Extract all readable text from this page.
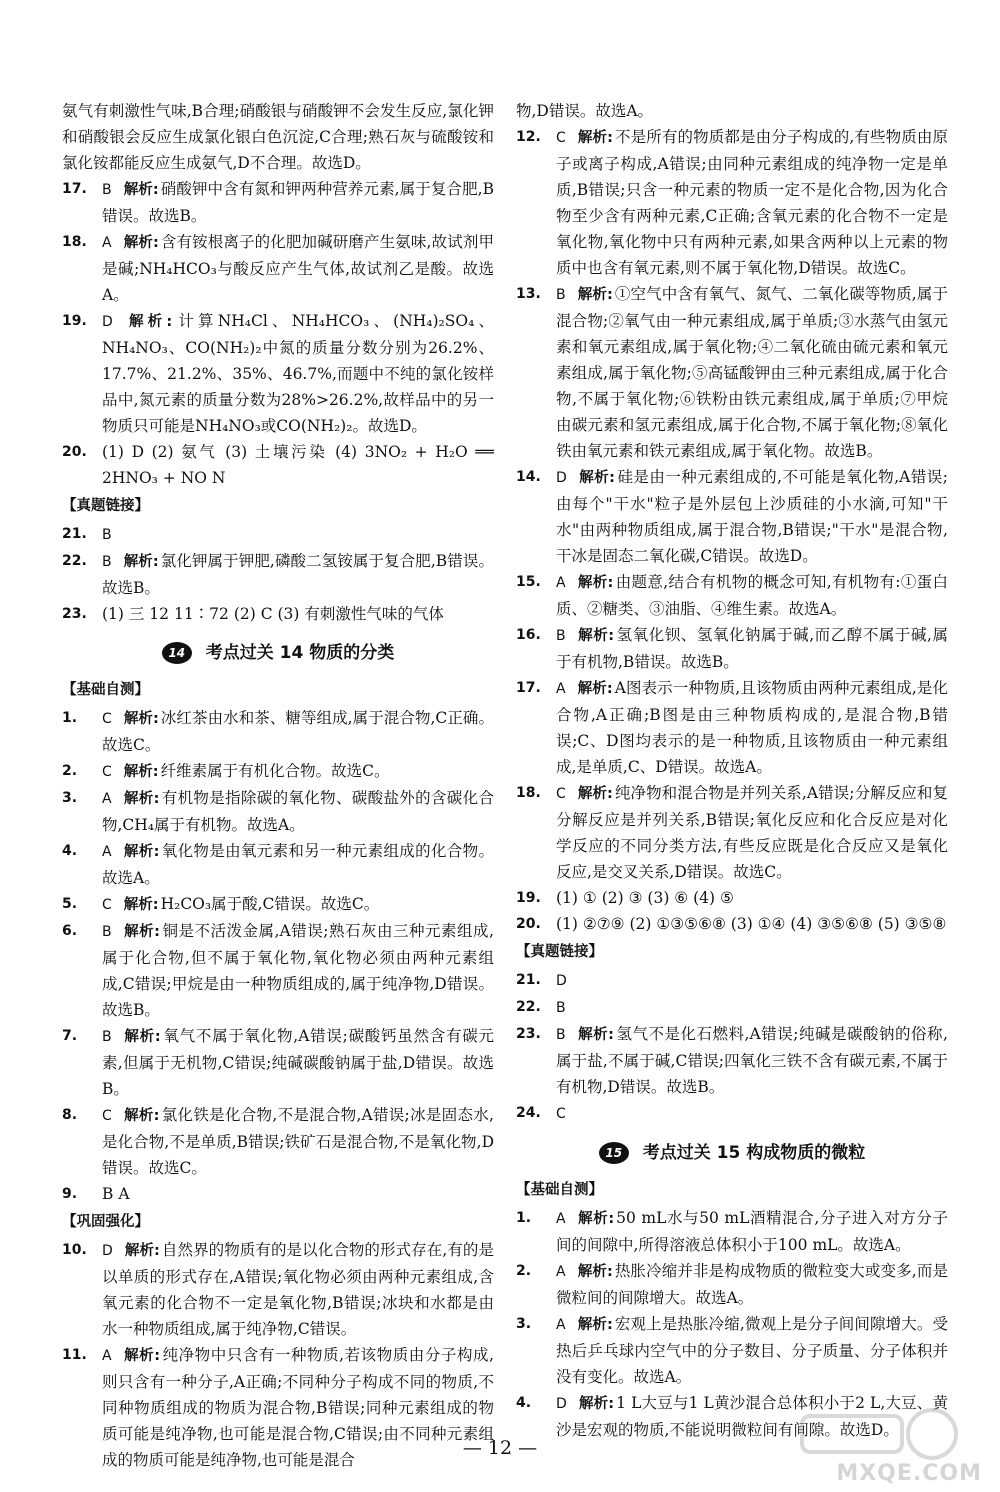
氨气有刺激性气味,B合理;硝酸银与硝酸钾不会发生反应,氯化钾和硝酸银会反应生成氯化银白色沉淀,C合理;熟石灰与硫酸铵和氯化铵都能反应生成氨气,D不合理。故选D。
17. B 解析: 硝酸钾中含有氮和钾两种营养元素,属于复合肥,B错误。故选B。
18. A 解析: 含有铵根离子的化肥加碱研磨产生氨味,故试剂甲是碱;NH₄HCO₃与酸反应产生气体,故试剂乙是酸。故选A。
19. D 解析: 计算NH₄Cl、NH₄HCO₃、(NH₄)₂SO₄、NH₄NO₃、CO(NH₂)₂中氮的质量分数分别为26.2%、17.7%、21.2%、35%、46.7%,而题中不纯的氯化铵样品中,氮元素的质量分数为28%>26.2%,故样品中的另一物质只可能是NH₄NO₃或CO(NH₂)₂。故选D。
20. (1) D (2) 氨气 (3) 土壤污染 (4) 3NO₂ + H₂O ══ 2HNO₃ + NO N
【真题链接】
21. B
22. B 解析: 氯化钾属于钾肥,磷酸二氢铵属于复合肥,B错误。故选B。
23. (1) 三 12 11∶72 (2) C (3) 有刺激性气味的气体
14	考点过关 14 物质的分类
【基础自测】
1. C 解析: 冰红茶由水和茶、糖等组成,属于混合物,C正确。故选C。
2. C 解析: 纤维素属于有机化合物。故选C。
3. A 解析: 有机物是指除碳的氧化物、碳酸盐外的含碳化合物,CH₄属于有机物。故选A。
4. A 解析: 氧化物是由氧元素和另一种元素组成的化合物。故选A。
5. C 解析: H₂CO₃属于酸,C错误。故选C。
6. B 解析: 铜是不活泼金属,A错误;熟石灰由三种元素组成,属于化合物,但不属于氧化物,氧化物必须由两种元素组成,C错误;甲烷是由一种物质组成的,属于纯净物,D错误。故选B。
7. B 解析: 氧气不属于氧化物,A错误;碳酸钙虽然含有碳元素,但属于无机物,C错误;纯碱碳酸钠属于盐,D错误。故选B。
8. C 解析: 氯化铁是化合物,不是混合物,A错误;冰是固态水,是化合物,不是单质,B错误;铁矿石是混合物,不是氧化物,D错误。故选C。
9. B A
【巩固强化】
10. D 解析: 自然界的物质有的是以化合物的形式存在,有的是以单质的形式存在,A错误;氧化物必须由两种元素组成,含氧元素的化合物不一定是氧化物,B错误;冰块和水都是由水一种物质组成,属于纯净物,C错误。
11. A 解析: 纯净物中只含有一种物质,若该物质由分子构成,则只含有一种分子,A正确;不同种分子构成不同的物质,不同种物质组成的物质为混合物,B错误;同种元素组成的物质可能是纯净物,也可能是混合物,C错误;由不同种元素组成的物质可能是纯净物,也可能是混合
物,D错误。故选A。
12. C 解析: 不是所有的物质都是由分子构成的,有些物质由原子或离子构成,A错误;由同种元素组成的纯净物一定是单质,B错误;只含一种元素的物质一定不是化合物,因为化合物至少含有两种元素,C正确;含氧元素的化合物不一定是氧化物,氧化物中只有两种元素,如果含两种以上元素的物质中也含有氧元素,则不属于氧化物,D错误。故选C。
13. B 解析: ①空气中含有氧气、氮气、二氧化碳等物质,属于混合物;②氧气由一种元素组成,属于单质;③水蒸气由氢元素和氧元素组成,属于氧化物;④二氧化硫由硫元素和氧元素组成,属于氧化物;⑤高锰酸钾由三种元素组成,属于化合物,不属于氧化物;⑥铁粉由铁元素组成,属于单质;⑦甲烷由碳元素和氢元素组成,属于化合物,不属于氧化物;⑧氧化铁由氧元素和铁元素组成,属于氧化物。故选B。
14. D 解析: 硅是由一种元素组成的,不可能是氧化物,A错误;由每个"干水"粒子是外层包上沙质硅的小水滴,可知"干水"由两种物质组成,属于混合物,B错误;"干水"是混合物,干冰是固态二氧化碳,C错误。故选D。
15. A 解析: 由题意,结合有机物的概念可知,有机物有:①蛋白质、②糖类、③油脂、④维生素。故选A。
16. B 解析: 氢氧化钡、氢氧化钠属于碱,而乙醇不属于碱,属于有机物,B错误。故选B。
17. A 解析: A图表示一种物质,且该物质由两种元素组成,是化合物,A正确;B图是由三种物质构成的,是混合物,B错误;C、D图均表示的是一种物质,且该物质由一种元素组成,是单质,C、D错误。故选A。
18. C 解析: 纯净物和混合物是并列关系,A错误;分解反应和复分解反应是并列关系,B错误;氧化反应和化合反应是对化学反应的不同分类方法,有些反应既是化合反应又是氧化反应,是交叉关系,D错误。故选C。
19. (1) ① (2) ③ (3) ⑥ (4) ⑤
20. (1) ②⑦⑨ (2) ①③⑤⑥⑧ (3) ①④ (4) ③⑤⑥⑧ (5) ③⑤⑧
【真题链接】
21. D
22. B
23. B 解析: 氢气不是化石燃料,A错误;纯碱是碳酸钠的俗称,属于盐,不属于碱,C错误;四氧化三铁不含有碳元素,不属于有机物,D错误。故选B。
24. C
15	考点过关 15 构成物质的微粒
【基础自测】
1. A 解析: 50 mL水与50 mL酒精混合,分子进入对方分子间的间隙中,所得溶液总体积小于100 mL。故选A。
2. A 解析: 热胀冷缩并非是构成物质的微粒变大或变多,而是微粒间的间隙增大。故选A。
3. A 解析: 宏观上是热胀冷缩,微观上是分子间间隙增大。受热后乒乓球内空气中的分子数目、分子质量、分子体积并没有变化。故选A。
4. D 解析: 1 L大豆与1 L黄沙混合总体积小于2 L,大豆、黄沙是宏观的物质,不能说明微粒间有间隙。故选D。
— 12 —
MXQE.COM
